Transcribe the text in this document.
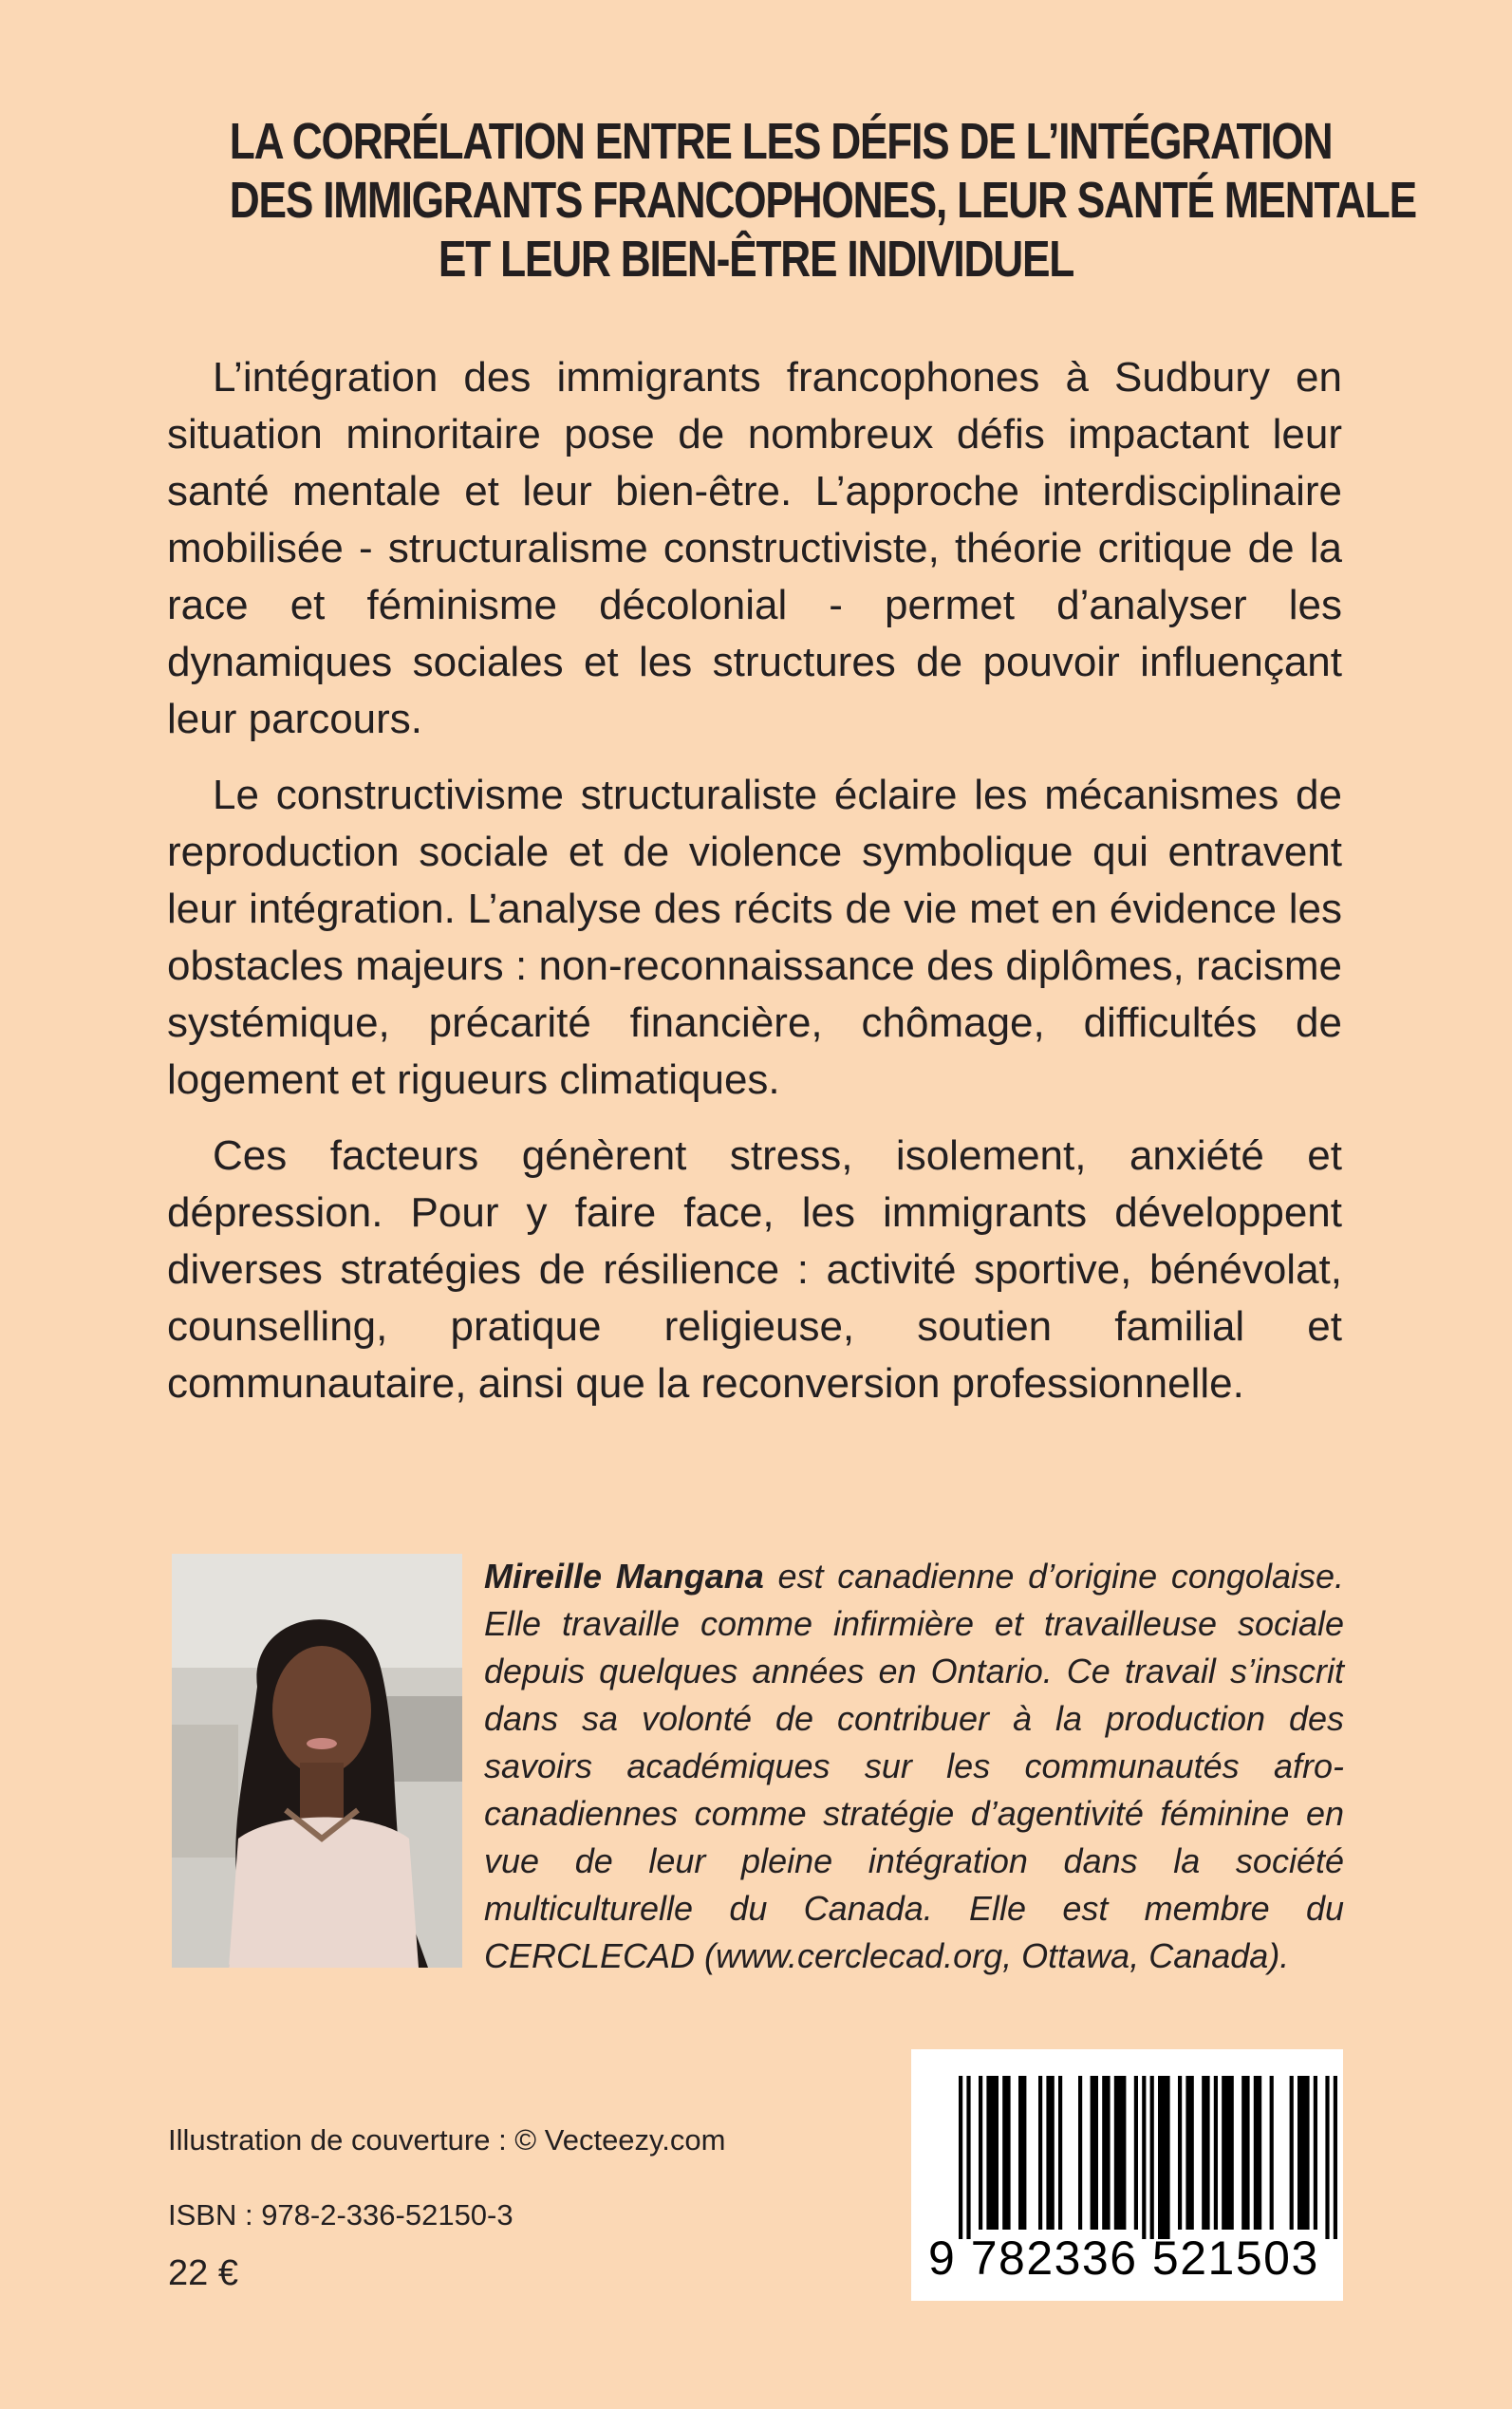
LA CORRÉLATION ENTRE LES DÉFIS DE L’INTÉGRATION
DES IMMIGRANTS FRANCOPHONES, LEUR SANTÉ MENTALE
ET LEUR BIEN-ÊTRE INDIVIDUEL

L’intégration des immigrants francophones à Sudbury en situation minoritaire pose de nombreux défis impactant leur santé mentale et leur bien-être. L’approche interdisciplinaire mobilisée - structuralisme constructiviste, théorie critique de la race et féminisme décolonial - permet d’analyser les dynamiques sociales et les structures de pouvoir influençant leur parcours.

Le constructivisme structuraliste éclaire les mécanismes de reproduction sociale et de violence symbolique qui entravent leur intégration. L’analyse des récits de vie met en évidence les obstacles majeurs : non-reconnaissance des diplômes, racisme systémique, précarité financière, chômage, difficultés de logement et rigueurs climatiques.

Ces facteurs génèrent stress, isolement, anxiété et dépression. Pour y faire face, les immigrants développent diverses stratégies de résilience : activité sportive, bénévolat, counselling, pratique religieuse, soutien familial et communautaire, ainsi que la reconversion professionnelle.

Mireille Mangana est canadienne d’origine congolaise. Elle travaille comme infirmière et travailleuse sociale depuis quelques années en Ontario. Ce travail s’inscrit dans sa volonté de contribuer à la production des savoirs académiques sur les communautés afro-canadiennes comme stratégie d’agentivité féminine en vue de leur pleine intégration dans la société multiculturelle du Canada. Elle est membre du CERCLECAD (www.cerclecad.org, Ottawa, Canada).
Illustration de couverture : © Vecteezy.com
ISBN : 978-2-336-52150-3
22 €	9 782336 521503
